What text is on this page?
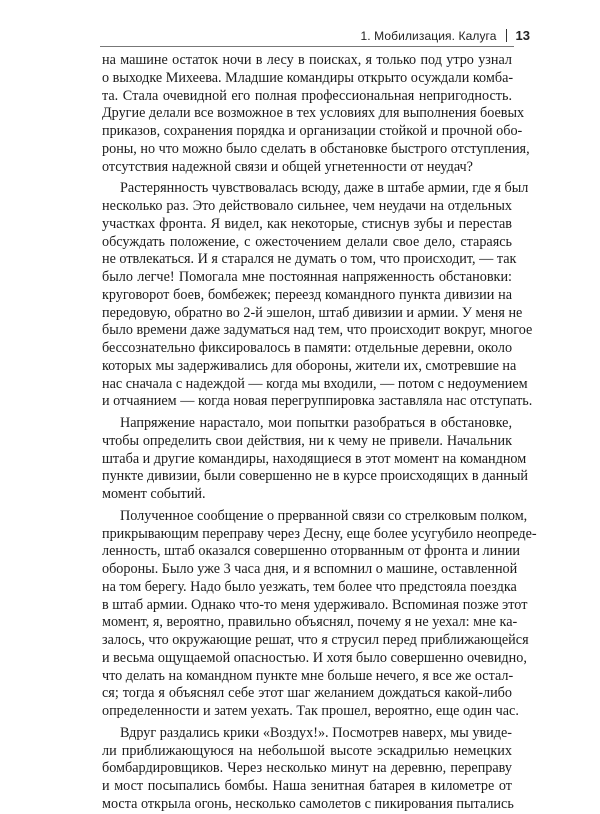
1. Мобилизация. Калуга 13

на машине остаток ночи в лесу в поисках, я только под утро узнал
о выходке Михеева. Младшие командиры открыто осуждали комба-
та. Стала очевидной его полная профессиональная непригодность.
Другие делали все возможное в тех условиях для выполнения боевых
приказов, сохранения порядка и организации стойкой и прочной обо-
роны, но что можно было сделать в обстановке быстрого отступления,
отсутствия надежной связи и общей угнетенности от неудач?

Растерянность чувствовалась всюду, даже в штабе армии, где я был
несколько раз. Это действовало сильнее, чем неудачи на отдельных
участках фронта. Я видел, как некоторые, стиснув зубы и перестав
обсуждать положение, с ожесточением делали свое дело, стараясь
не отвлекаться. И я старался не думать о том, что происходит, — так
было легче! Помогала мне постоянная напряженность обстановки:
круговорот боев, бомбежек; переезд командного пункта дивизии на
передовую, обратно во 2-й эшелон, штаб дивизии и армии. У меня не
было времени даже задуматься над тем, что происходит вокруг, многое
бессознательно фиксировалось в памяти: отдельные деревни, около
которых мы задерживались для обороны, жители их, смотревшие на
нас сначала с надеждой — когда мы входили, — потом с недоумением
и отчаянием — когда новая перегруппировка заставляла нас отступать.

Напряжение нарастало, мои попытки разобраться в обстановке,
чтобы определить свои действия, ни к чему не привели. Начальник
штаба и другие командиры, находящиеся в этот момент на командном
пункте дивизии, были совершенно не в курсе происходящих в данный
момент событий.

Полученное сообщение о прерванной связи со стрелковым полком,
прикрывающим переправу через Десну, еще более усугубило неопреде-
ленность, штаб оказался совершенно оторванным от фронта и линии
обороны. Было уже 3 часа дня, и я вспомнил о машине, оставленной
на том берегу. Надо было уезжать, тем более что предстояла поездка
в штаб армии. Однако что-то меня удерживало. Вспоминая позже этот
момент, я, вероятно, правильно объяснял, почему я не уехал: мне ка-
залось, что окружающие решат, что я струсил перед приближающейся
и весьма ощущаемой опасностью. И хотя было совершенно очевидно,
что делать на командном пункте мне больше нечего, я все же остал-
ся; тогда я объяснял себе этот шаг желанием дождаться какой-либо
определенности и затем уехать. Так прошел, вероятно, еще один час.

Вдруг раздались крики «Воздух!». Посмотрев наверх, мы увиде-
ли приближающуюся на небольшой высоте эскадрилью немецких
бомбардировщиков. Через несколько минут на деревню, переправу
и мост посыпались бомбы. Наша зенитная батарея в километре от
моста открыла огонь, несколько самолетов с пикирования пытались
